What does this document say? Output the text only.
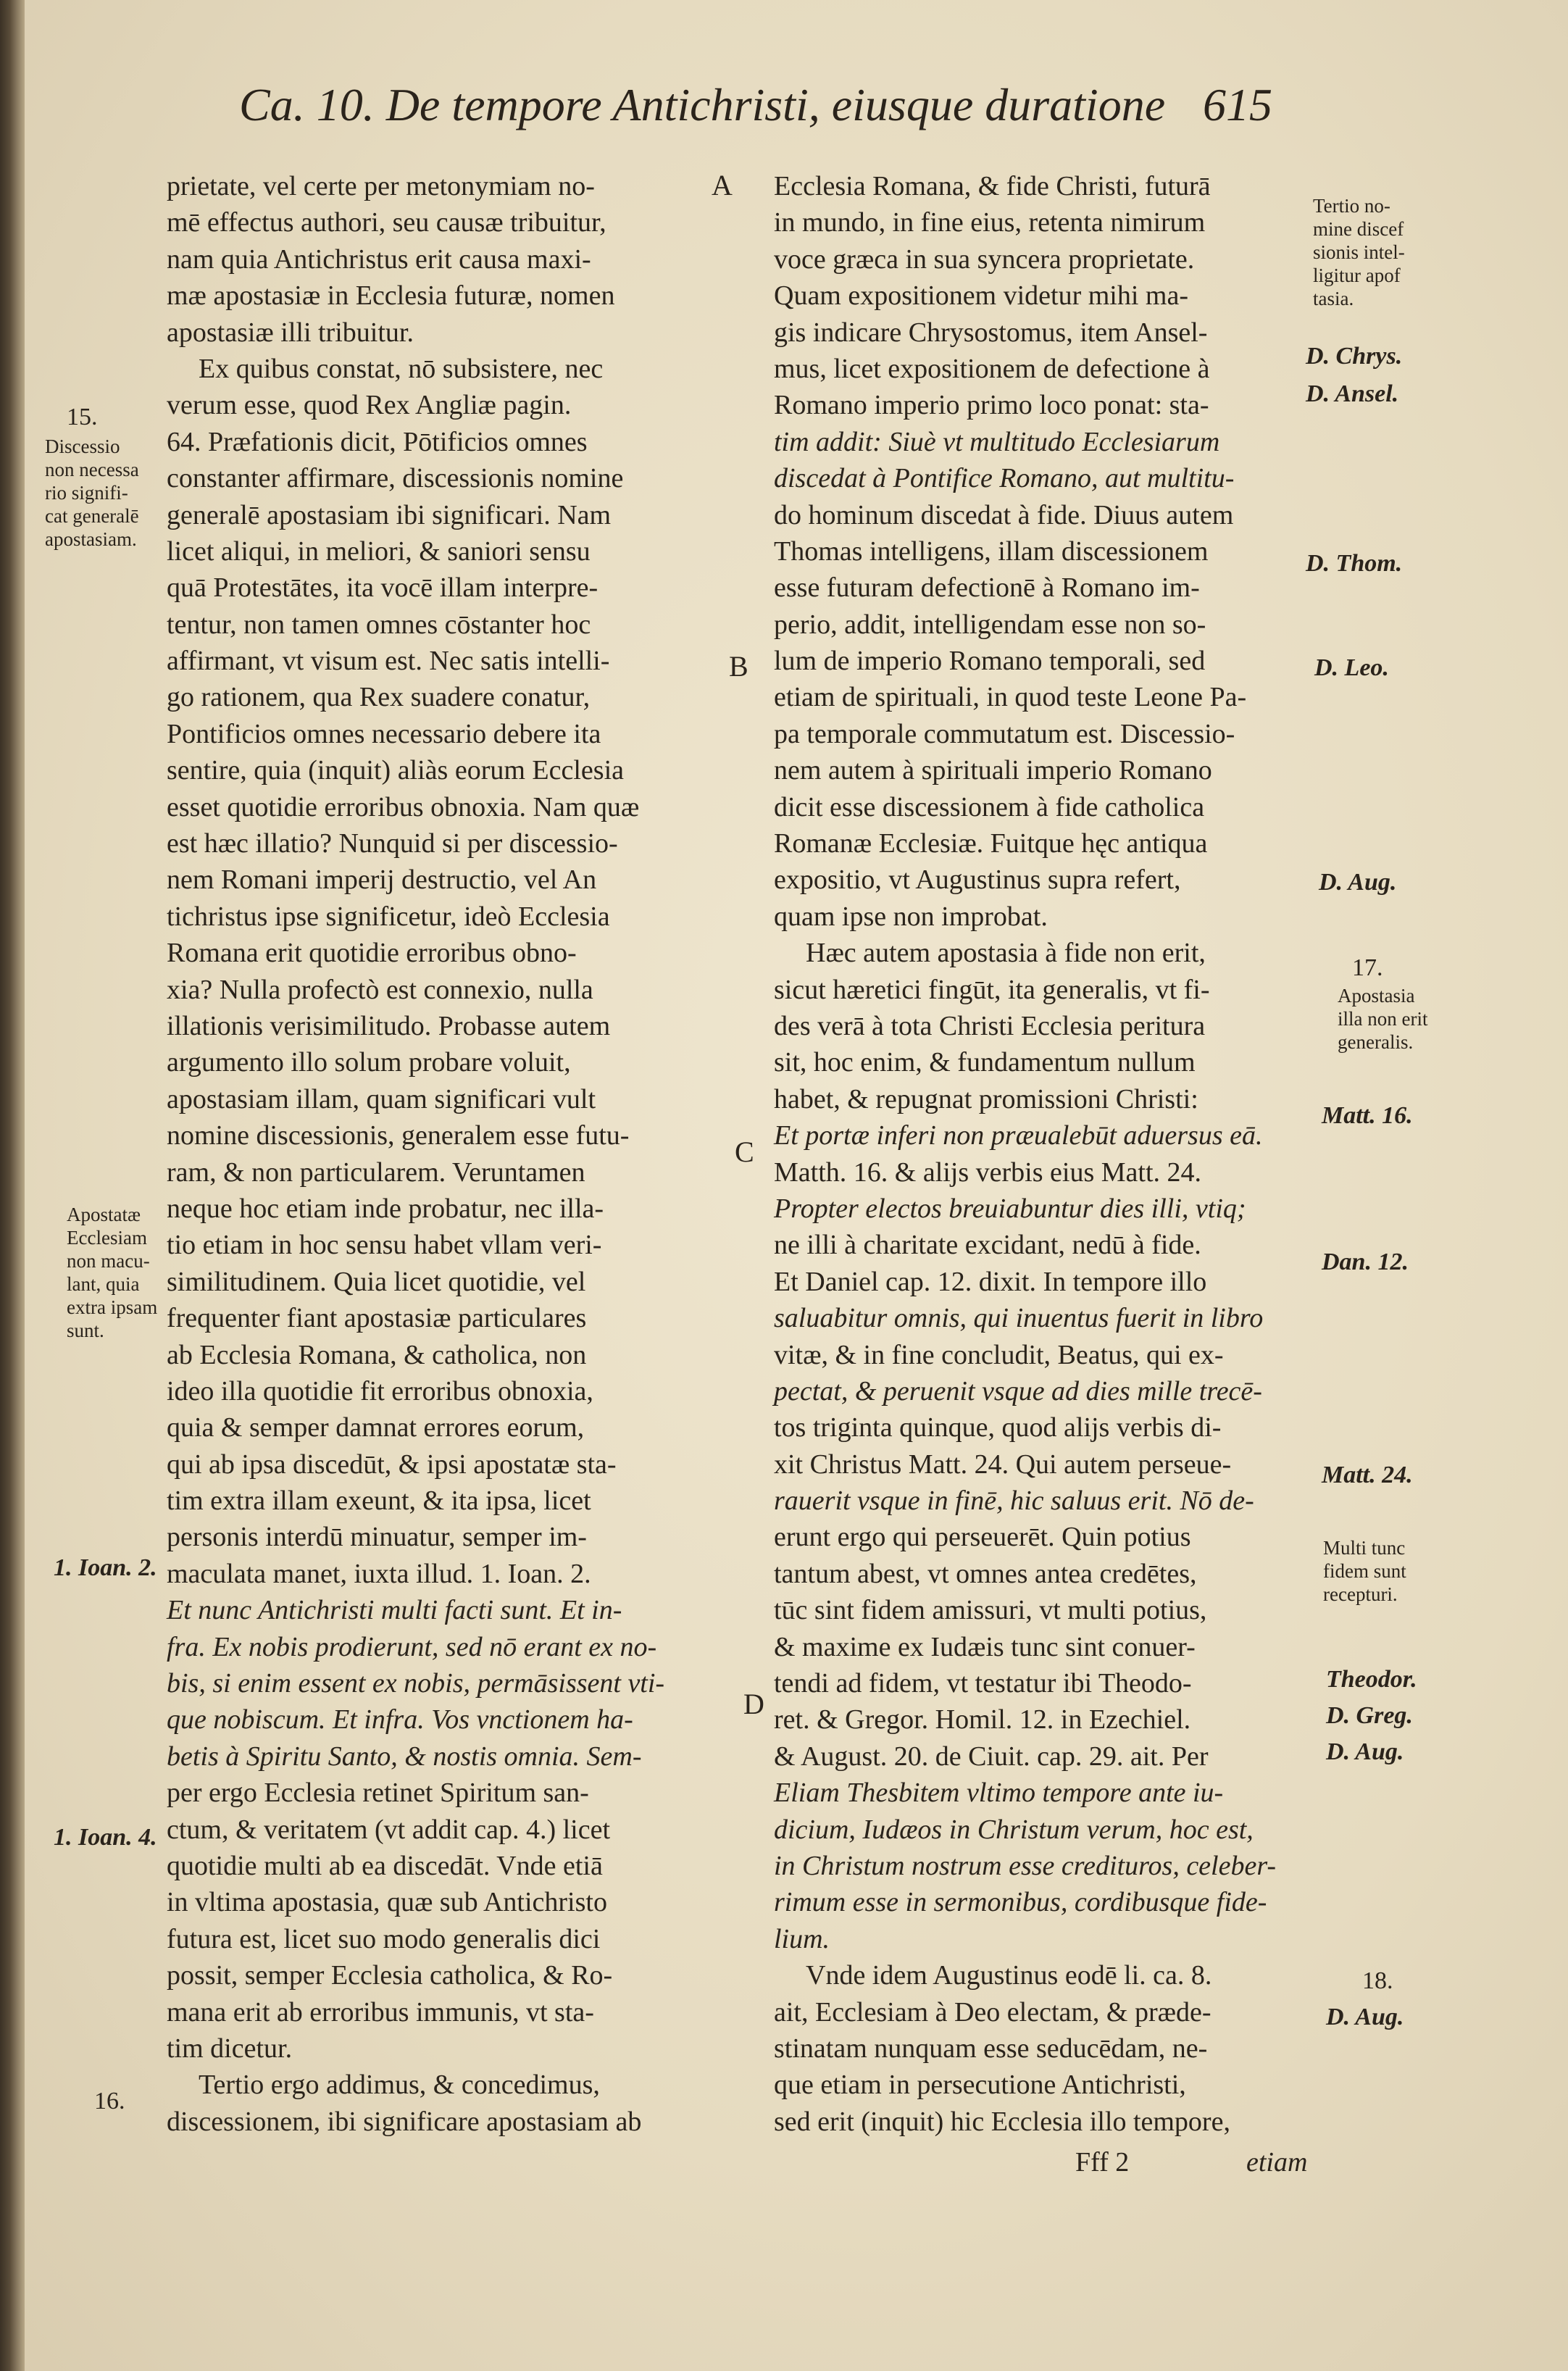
Ca. 10. De tempore Antichristi, eiusque duratione 615
prietate, vel certe per metonymiam no-
mē effectus authori, seu causæ tribuitur,
nam quia Antichristus erit causa maxi-
mæ apostasiæ in Ecclesia futuræ, nomen
apostasiæ illi tribuitur.
Ex quibus constat, nō subsistere, nec
verum esse, quod Rex Angliæ pagin.
64. Præfationis dicit, Pōtificios omnes
constanter affirmare, discessionis nomine
generalē apostasiam ibi significari. Nam
licet aliqui, in meliori, & saniori sensu
quā Protestātes, ita vocē illam interpre-
tentur, non tamen omnes cōstanter hoc
affirmant, vt visum est. Nec satis intelli-
go rationem, qua Rex suadere conatur,
Pontificios omnes necessario debere ita
sentire, quia (inquit) aliàs eorum Ecclesia
esset quotidie erroribus obnoxia. Nam quæ
est hæc illatio? Nunquid si per discessio-
nem Romani imperij destructio, vel An
tichristus ipse significetur, ideò Ecclesia
Romana erit quotidie erroribus obno-
xia? Nulla profectò est connexio, nulla
illationis verisimilitudo. Probasse autem
argumento illo solum probare voluit,
apostasiam illam, quam significari vult
nomine discessionis, generalem esse futu-
ram, & non particularem. Veruntamen
neque hoc etiam inde probatur, nec illa-
tio etiam in hoc sensu habet vllam veri-
similitudinem. Quia licet quotidie, vel
frequenter fiant apostasiæ particulares
ab Ecclesia Romana, & catholica, non
ideo illa quotidie fit erroribus obnoxia,
quia & semper damnat errores eorum,
qui ab ipsa discedūt, & ipsi apostatæ sta-
tim extra illam exeunt, & ita ipsa, licet
personis interdū minuatur, semper im-
maculata manet, iuxta illud. 1. Ioan. 2.
Et nunc Antichristi multi facti sunt. Et in-
fra. Ex nobis prodierunt, sed nō erant ex no-
bis, si enim essent ex nobis, permāsissent vti-
que nobiscum. Et infra. Vos vnctionem ha-
betis à Spiritu Santo, & nostis omnia. Sem-
per ergo Ecclesia retinet Spiritum san-
ctum, & veritatem (vt addit cap. 4.) licet
quotidie multi ab ea discedāt. Vnde etiā
in vltima apostasia, quæ sub Antichristo
futura est, licet suo modo generalis dici
possit, semper Ecclesia catholica, & Ro-
mana erit ab erroribus immunis, vt sta-
tim dicetur.
Tertio ergo addimus, & concedimus,
discessionem, ibi significare apostasiam ab
Ecclesia Romana, & fide Christi, futurā
in mundo, in fine eius, retenta nimirum
voce græca in sua syncera proprietate.
Quam expositionem videtur mihi ma-
gis indicare Chrysostomus, item Ansel-
mus, licet expositionem de defectione à
Romano imperio primo loco ponat: sta-
tim addit: Siuè vt multitudo Ecclesiarum
discedat à Pontifice Romano, aut multitu-
do hominum discedat à fide. Diuus autem
Thomas intelligens, illam discessionem
esse futuram defectionē à Romano im-
perio, addit, intelligendam esse non so-
lum de imperio Romano temporali, sed
etiam de spirituali, in quod teste Leone Pa-
pa temporale commutatum est. Discessio-
nem autem à spirituali imperio Romano
dicit esse discessionem à fide catholica
Romanæ Ecclesiæ. Fuitque hęc antiqua
expositio, vt Augustinus supra refert,
quam ipse non improbat.
Hæc autem apostasia à fide non erit,
sicut hæretici fingūt, ita generalis, vt fi-
des verā à tota Christi Ecclesia peritura
sit, hoc enim, & fundamentum nullum
habet, & repugnat promissioni Christi:
Et portæ inferi non præualebūt aduersus eā.
Matth. 16. & alijs verbis eius Matt. 24.
Propter electos breuiabuntur dies illi, vtiq;
ne illi à charitate excidant, nedū à fide.
Et Daniel cap. 12. dixit. In tempore illo
saluabitur omnis, qui inuentus fuerit in libro
vitæ, & in fine concludit, Beatus, qui ex-
pectat, & peruenit vsque ad dies mille trecē-
tos triginta quinque, quod alijs verbis di-
xit Christus Matt. 24. Qui autem perseue-
rauerit vsque in finē, hic saluus erit. Nō de-
erunt ergo qui perseuerēt. Quin potius
tantum abest, vt omnes antea credētes,
tūc sint fidem amissuri, vt multi potius,
& maxime ex Iudæis tunc sint conuer-
tendi ad fidem, vt testatur ibi Theodo-
ret. & Gregor. Homil. 12. in Ezechiel.
& August. 20. de Ciuit. cap. 29. ait. Per
Eliam Thesbitem vltimo tempore ante iu-
dicium, Iudæos in Christum verum, hoc est,
in Christum nostrum esse credituros, celeber-
rimum esse in sermonibus, cordibusque fide-
lium.
Vnde idem Augustinus eodē li. ca. 8.
ait, Ecclesiam à Deo electam, & præde-
stinatam nunquam esse seducēdam, ne-
que etiam in persecutione Antichristi,
sed erit (inquit) hic Ecclesia illo tempore,
A
B
C
D
15.
Discessio
non necessa
rio signifi-
cat generalē
apostasiam.
Apostatæ
Ecclesiam
non macu-
lant, quia
extra ipsam
sunt.
1. Ioan. 2.
1. Ioan. 4.
16.
Tertio no-
mine discef
sionis intel-
ligitur apof
tasia.
D. Chrys.
D. Ansel.
D. Thom.
D. Leo.
D. Aug.
17.
Apostasia
illa non erit
generalis.
Matt. 16.
Dan. 12.
Matt. 24.
Multi tunc
fidem sunt
recepturi.
Theodor.
D. Greg.
D. Aug.
18.
D. Aug.
Fff 2	etiam
